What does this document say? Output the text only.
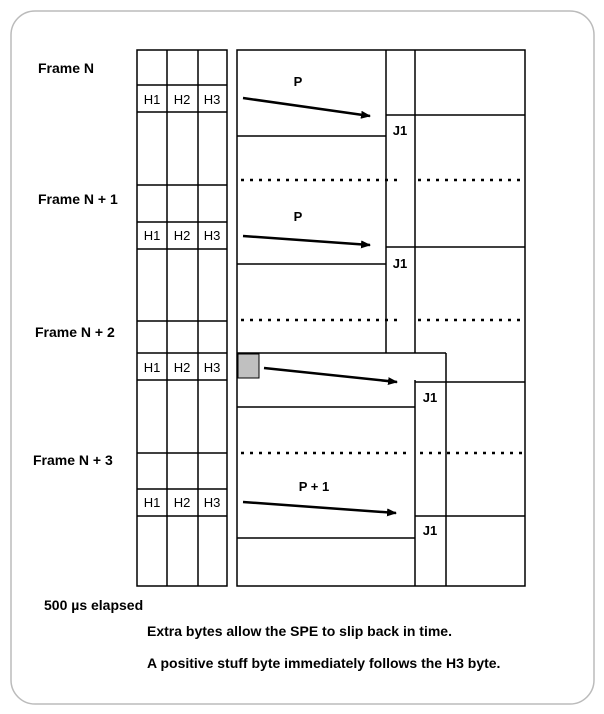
Frame N
Frame N + 1
Frame N + 2
Frame N + 3
H1 H2 H3
H1 H2 H3
H1 H2 H3
H1 H2 H3
P
P
P + 1
J1
J1
J1
J1
500 µs elapsed
Extra bytes allow the SPE to slip back in time.
A positive stuff byte immediately follows the H3 byte.
